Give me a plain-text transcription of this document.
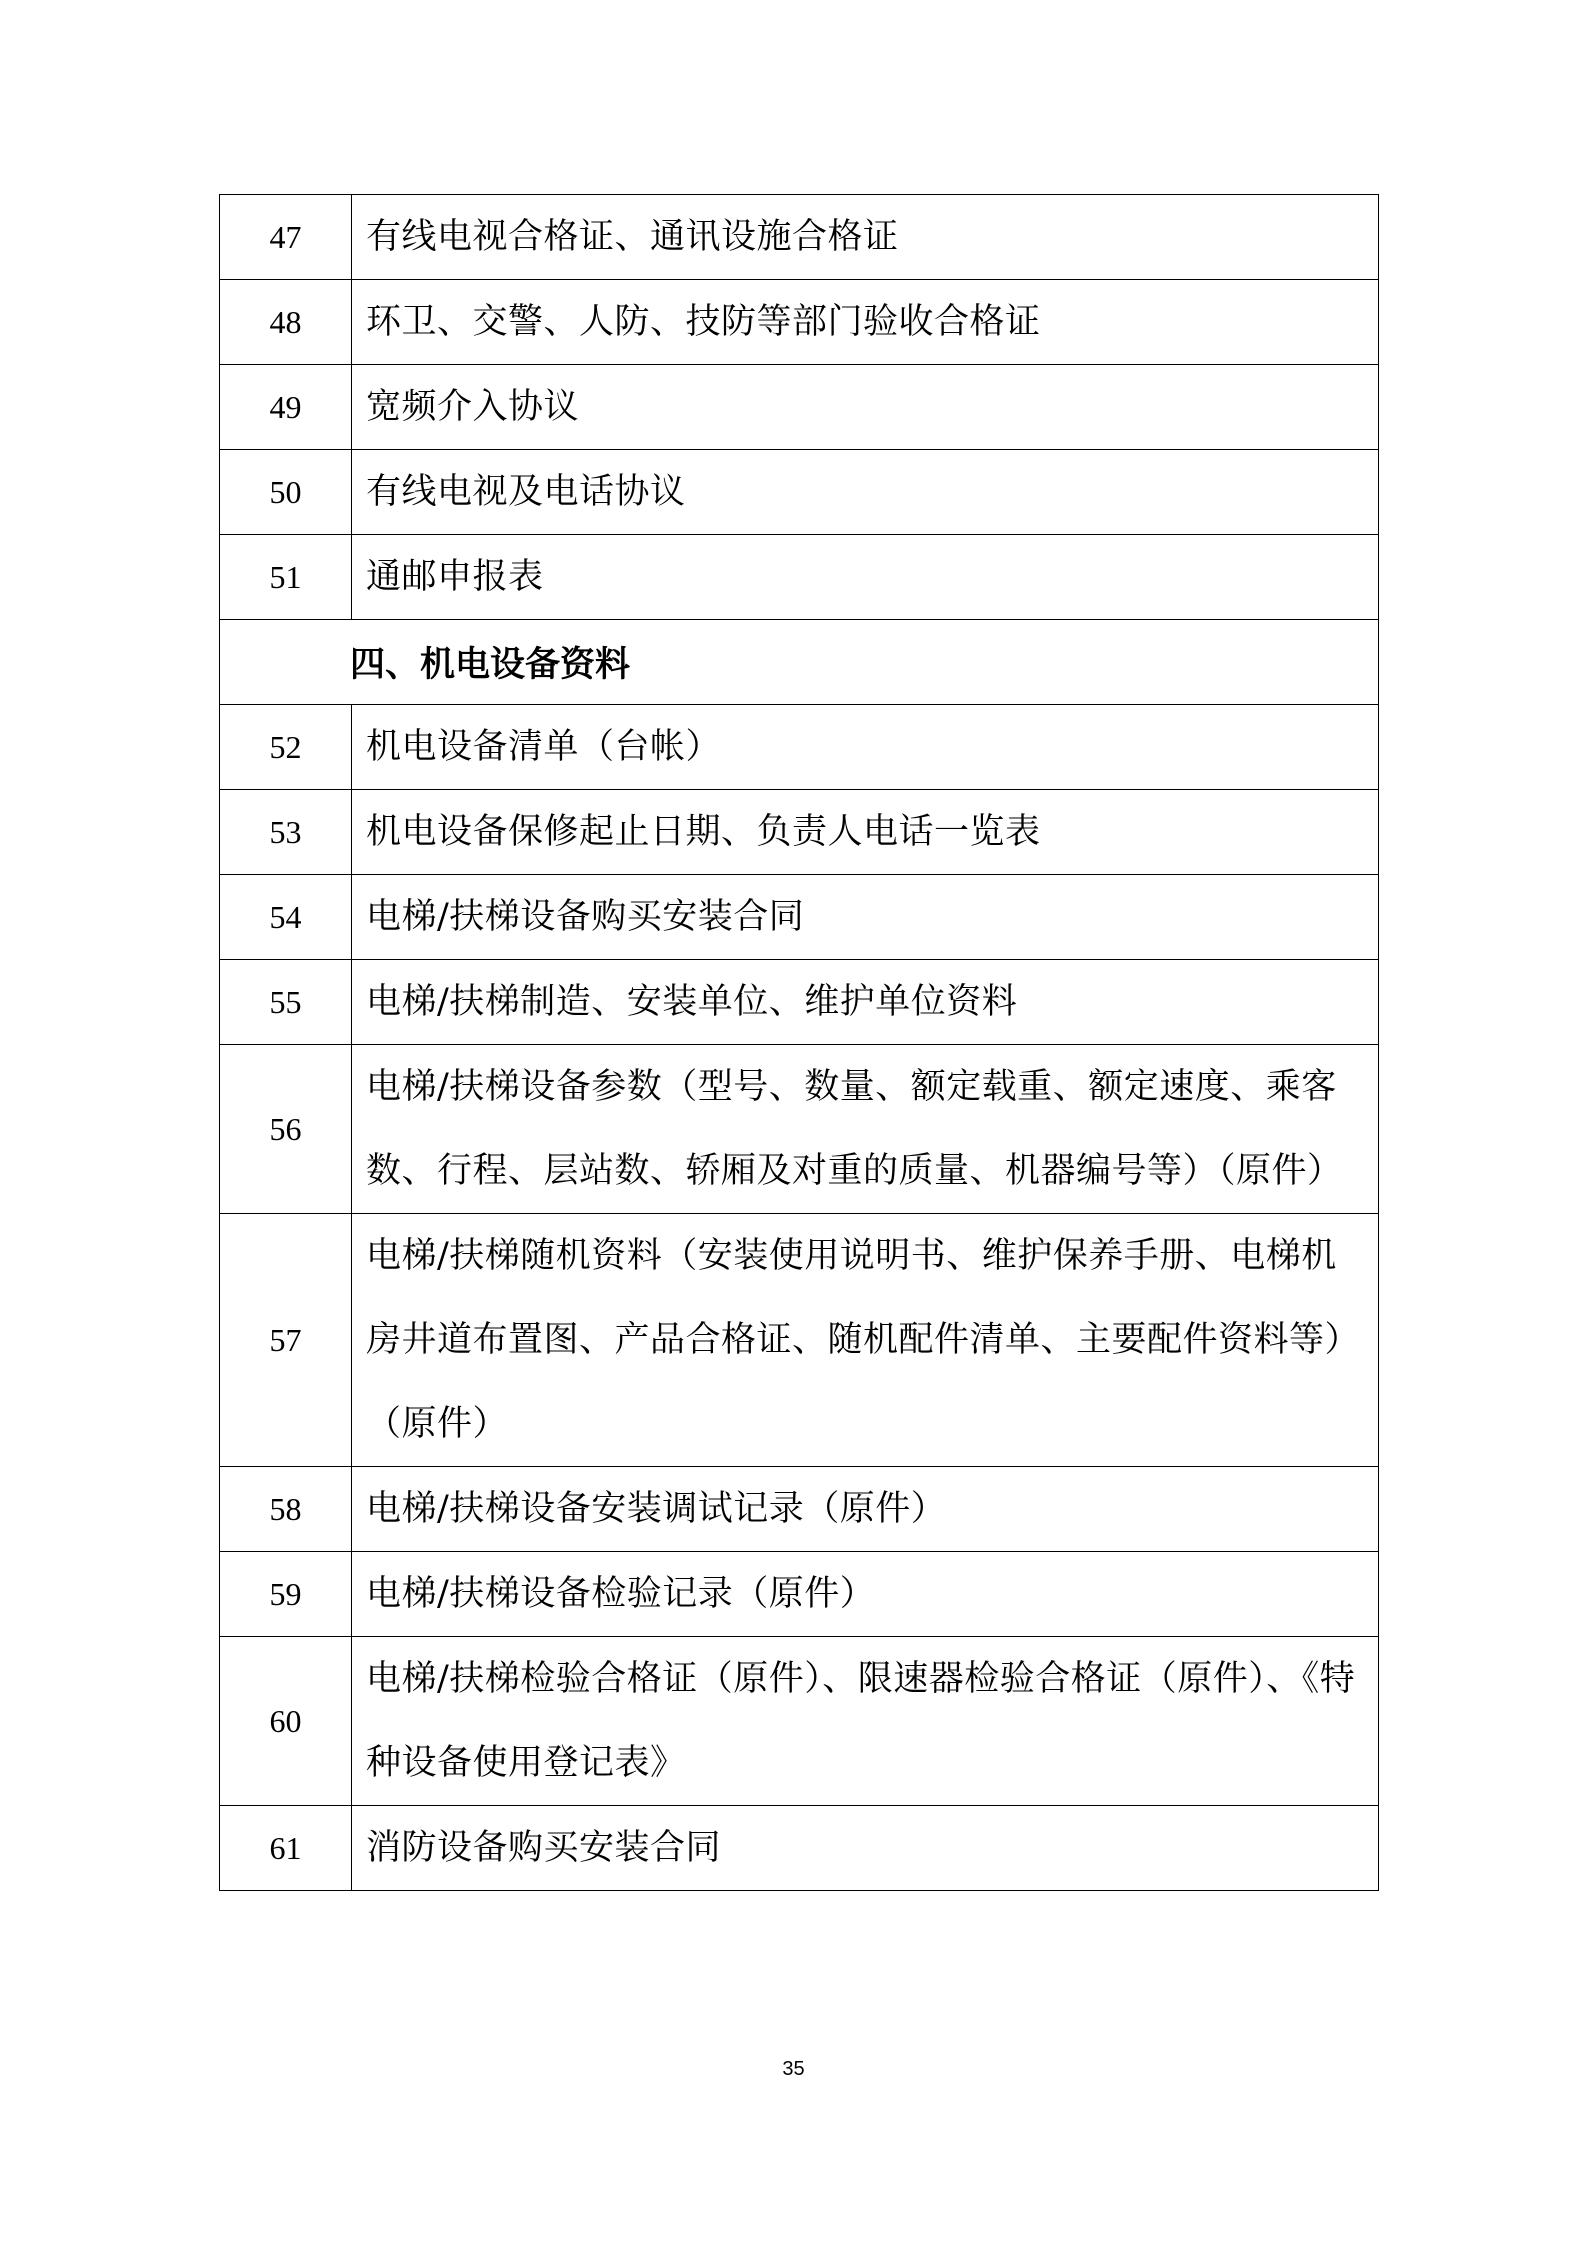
47	有线电视合格证、通讯设施合格证
48	环卫、交警、人防、技防等部门验收合格证
49	宽频介入协议
50	有线电视及电话协议
51	通邮申报表
四、机电设备资料	
52	机电设备清单（台帐）
53	机电设备保修起止日期、负责人电话一览表
54	电梯/扶梯设备购买安装合同
55	电梯/扶梯制造、安装单位、维护单位资料
56	电梯/扶梯设备参数（型号、数量、额定载重、额定速度、乘客数、行程、层站数、轿厢及对重的质量、机器编号等）（原件）
57	电梯/扶梯随机资料（安装使用说明书、维护保养手册、电梯机房井道布置图、产品合格证、随机配件清单、主要配件资料等）（原件）
58	电梯/扶梯设备安装调试记录（原件）
59	电梯/扶梯设备检验记录（原件）
60	电梯/扶梯检验合格证（原件）、限速器检验合格证（原件）、《特种设备使用登记表》
61	消防设备购买安装合同
35
